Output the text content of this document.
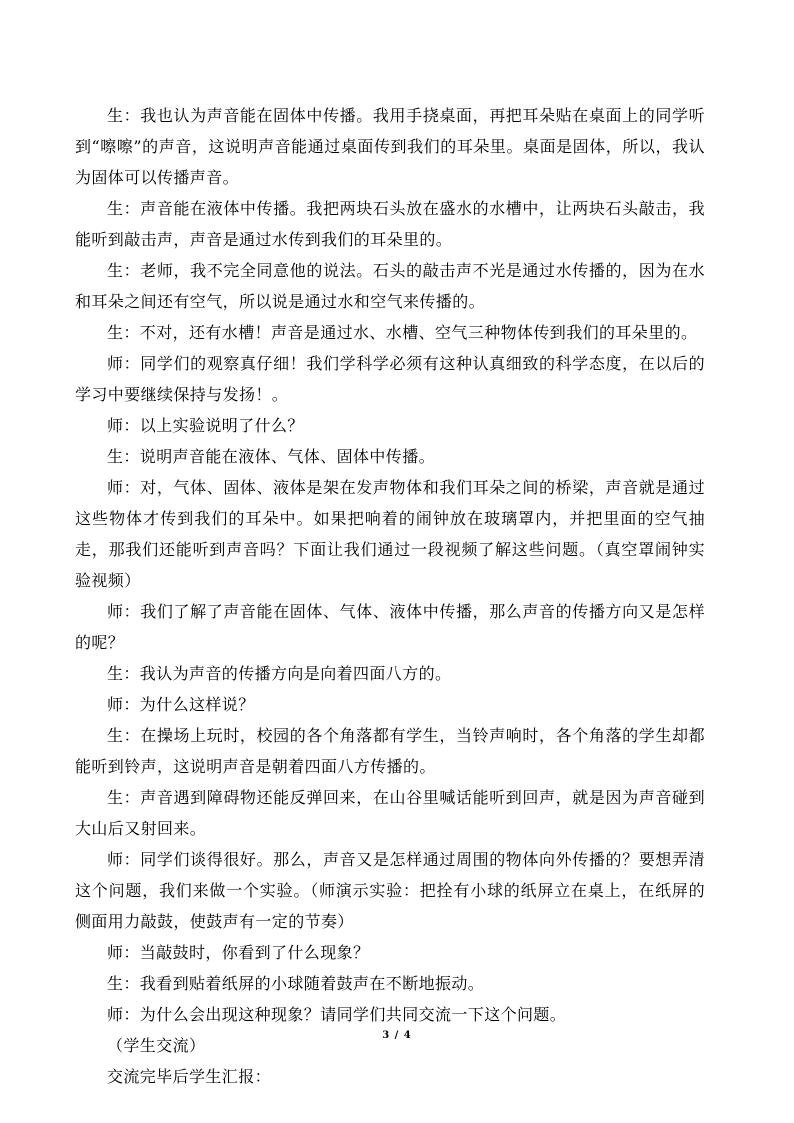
生：我也认为声音能在固体中传播。我用手挠桌面，再把耳朵贴在桌面上的同学听到“嚓嚓”的声音，这说明声音能通过桌面传到我们的耳朵里。桌面是固体，所以，我认为固体可以传播声音。

生：声音能在液体中传播。我把两块石头放在盛水的水槽中，让两块石头敲击，我能听到敲击声，声音是通过水传到我们的耳朵里的。

生：老师，我不完全同意他的说法。石头的敲击声不光是通过水传播的，因为在水和耳朵之间还有空气，所以说是通过水和空气来传播的。

生：不对，还有水槽！声音是通过水、水槽、空气三种物体传到我们的耳朵里的。

师：同学们的观察真仔细！我们学科学必须有这种认真细致的科学态度，在以后的学习中要继续保持与发扬！。

师：以上实验说明了什么？

生：说明声音能在液体、气体、固体中传播。

师：对，气体、固体、液体是架在发声物体和我们耳朵之间的桥梁，声音就是通过这些物体才传到我们的耳朵中。如果把响着的闹钟放在玻璃罩内，并把里面的空气抽走，那我们还能听到声音吗？下面让我们通过一段视频了解这些问题。（真空罩闹钟实验视频）

师：我们了解了声音能在固体、气体、液体中传播，那么声音的传播方向又是怎样的呢？

生：我认为声音的传播方向是向着四面八方的。

师：为什么这样说？

生：在操场上玩时，校园的各个角落都有学生，当铃声响时，各个角落的学生却都能听到铃声，这说明声音是朝着四面八方传播的。

生：声音遇到障碍物还能反弹回来，在山谷里喊话能听到回声，就是因为声音碰到大山后又射回来。

师：同学们谈得很好。那么，声音又是怎样通过周围的物体向外传播的？要想弄清这个问题，我们来做一个实验。（师演示实验：把拴有小球的纸屏立在桌上，在纸屏的侧面用力敲鼓，使鼓声有一定的节奏）

师：当敲鼓时，你看到了什么现象？

生：我看到贴着纸屏的小球随着鼓声在不断地振动。

师：为什么会出现这种现象？请同学们共同交流一下这个问题。

（学生交流）

交流完毕后学生汇报：

3 / 4
